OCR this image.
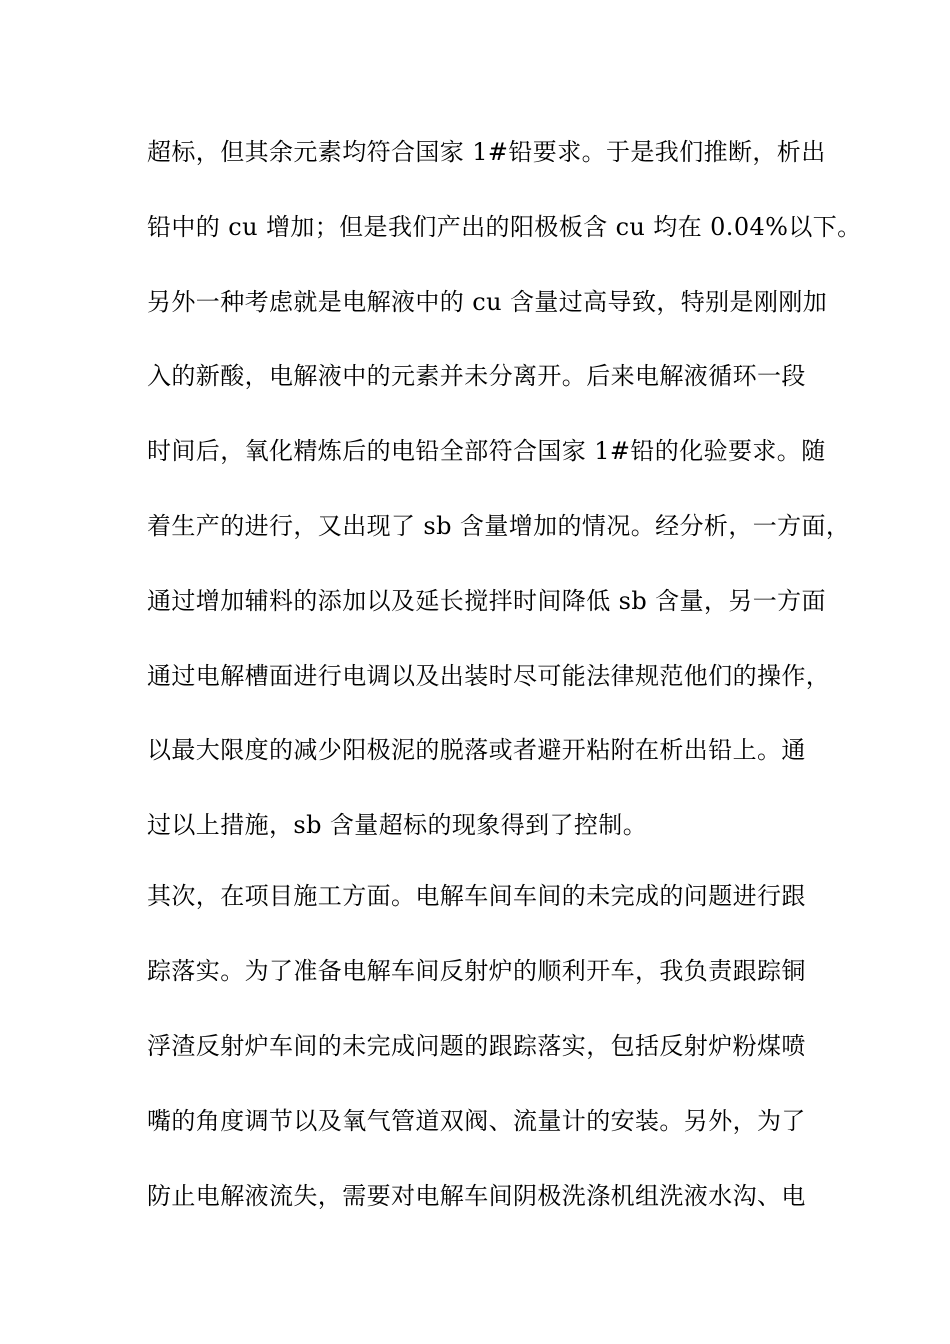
超标，但其余元素均符合国家 1#铅要求。于是我们推断，析出

铅中的 cu 增加；但是我们产出的阳极板含 cu 均在 0.04%以下。

另外一种考虑就是电解液中的 cu 含量过高导致，特别是刚刚加

入的新酸，电解液中的元素并未分离开。后来电解液循环一段

时间后，氧化精炼后的电铅全部符合国家 1#铅的化验要求。随

着生产的进行，又出现了 sb 含量增加的情况。经分析，一方面，

通过增加辅料的添加以及延长搅拌时间降低 sb 含量，另一方面

通过电解槽面进行电调以及出装时尽可能法律规范他们的操作，

以最大限度的减少阳极泥的脱落或者避开粘附在析出铅上。通

过以上措施，sb 含量超标的现象得到了控制。

其次，在项目施工方面。电解车间车间的未完成的问题进行跟

踪落实。为了准备电解车间反射炉的顺利开车，我负责跟踪铜

浮渣反射炉车间的未完成问题的跟踪落实，包括反射炉粉煤喷

嘴的角度调节以及氧气管道双阀、流量计的安装。另外，为了

防止电解液流失，需要对电解车间阴极洗涤机组洗液水沟、电
